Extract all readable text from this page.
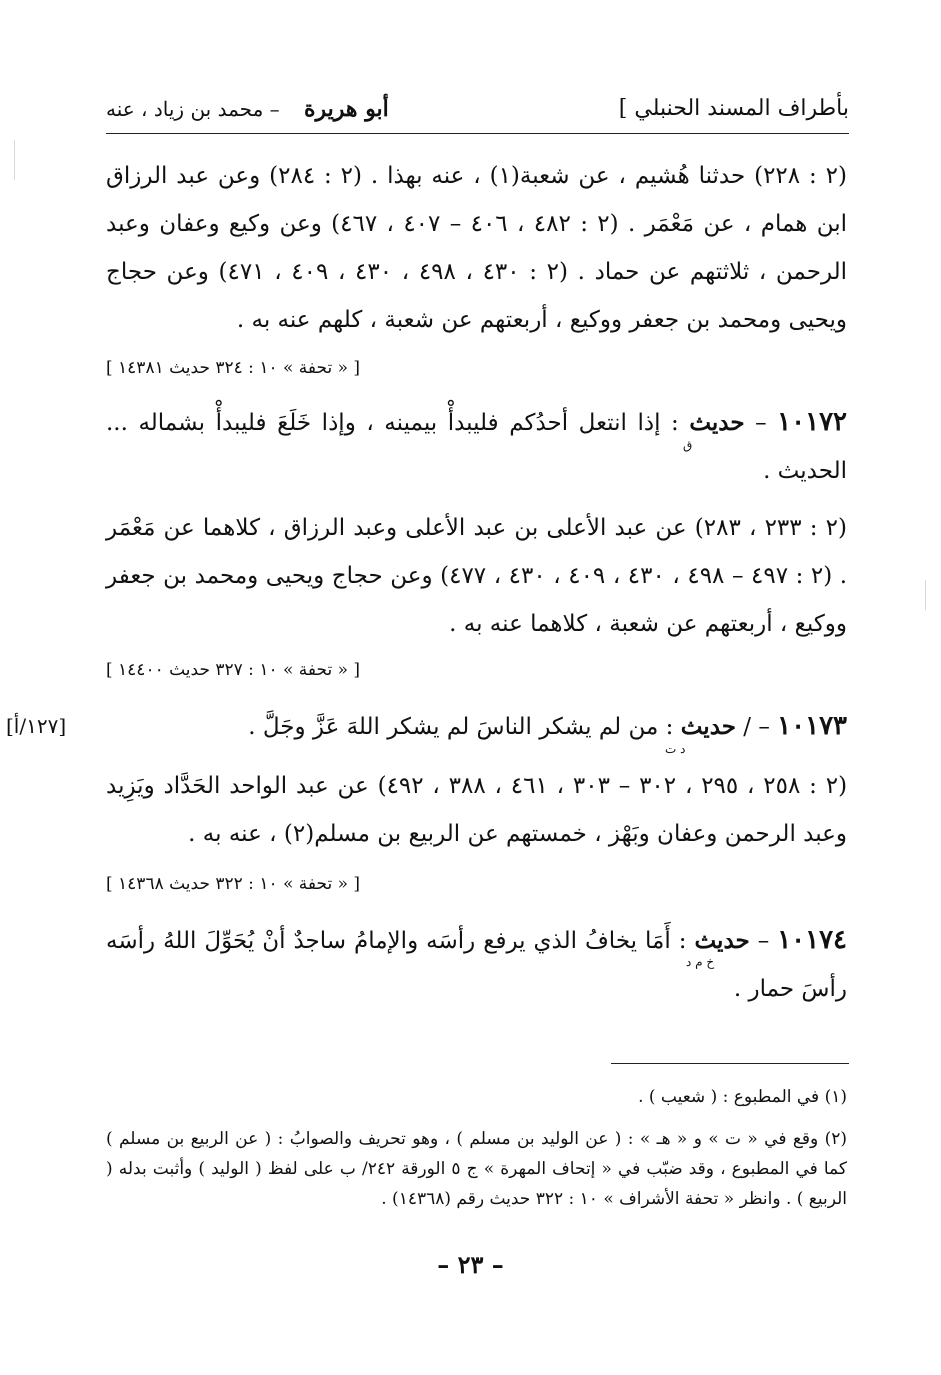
بأطراف المسند الحنبلي ]
أبو هريرة – محمد بن زياد ، عنه
(٢ : ٢٢٨) حدثنا هُشيم ، عن شعبة(١) ، عنه بهذا . (٢ : ٢٨٤) وعن عبد الرزاق ابن همام ، عن مَعْمَر . (٢ : ٤٨٢ ، ٤٠٦ – ٤٠٧ ، ٤٦٧) وعن وكيع وعفان وعبد الرحمن ، ثلاثتهم عن حماد . (٢ : ٤٣٠ ، ٤٩٨ ، ٤٣٠ ، ٤٠٩ ، ٤٧١) وعن حجاج ويحيى ومحمد بن جعفر ووكيع ، أربعتهم عن شعبة ، كلهم عنه به .
[ « تحفة » ١٠ : ٣٢٤ حديث ١٤٣٨١ ]
١٠١٧٢ – حديث : إذا انتعل أحدُكم فليبدأْ بيمينه ، وإذا خَلَعَ فليبدأْ بشماله ... الحديث .
ق
(٢ : ٢٣٣ ، ٢٨٣) عن عبد الأعلى بن عبد الأعلى وعبد الرزاق ، كلاهما عن مَعْمَر . (٢ : ٤٩٧ – ٤٩٨ ، ٤٣٠ ، ٤٠٩ ، ٤٣٠ ، ٤٧٧) وعن حجاج ويحيى ومحمد بن جعفر ووكيع ، أربعتهم عن شعبة ، كلاهما عنه به .
[ « تحفة » ١٠ : ٣٢٧ حديث ١٤٤٠٠ ]
١٠١٧٣ – / حديث : من لم يشكر الناسَ لم يشكر اللهَ عَزَّ وجَلَّ .
د ت
[١٢٧/أ]
(٢ : ٢٥٨ ، ٢٩٥ ، ٣٠٢ – ٣٠٣ ، ٤٦١ ، ٣٨٨ ، ٤٩٢) عن عبد الواحد الحَدَّاد ويَزِيد وعبد الرحمن وعفان وبَهْز ، خمستهم عن الربيع بن مسلم(٢) ، عنه به .
[ « تحفة » ١٠ : ٣٢٢ حديث ١٤٣٦٨ ]
١٠١٧٤ – حديث : أَمَا يخافُ الذي يرفع رأسَه والإمامُ ساجدٌ أنْ يُحَوِّلَ اللهُ رأسَه رأسَ حمار .
خ م د
(١) في المطبوع : ( شعيب ) .
(٢) وقع في « ت » و « هـ » : ( عن الوليد بن مسلم ) ، وهو تحريف والصوابُ : ( عن الربيع بن مسلم ) كما في المطبوع ، وقد ضبّب في « إتحاف المهرة » ج ٥ الورقة ٢٤٢/ ب على لفظ ( الوليد ) وأثبت بدله ( الربيع ) . وانظر « تحفة الأشراف » ١٠ : ٣٢٢ حديث رقم (١٤٣٦٨) .
– ٢٣ –
